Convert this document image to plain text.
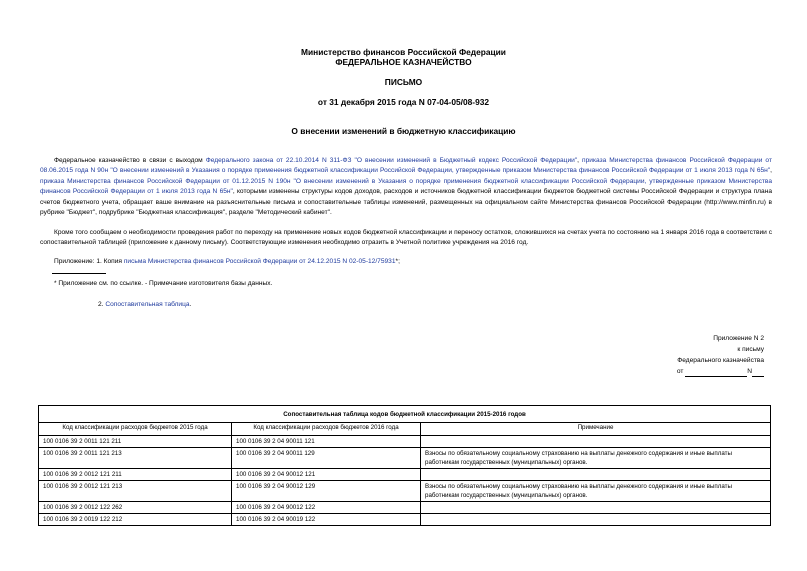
Министерство финансов Российской Федерации
ФЕДЕРАЛЬНОЕ КАЗНАЧЕЙСТВО
ПИСЬМО
от 31 декабря 2015 года N 07-04-05/08-932
О внесении изменений в бюджетную классификацию
Федеральное казначейство в связи с выходом Федерального закона от 22.10.2014 N 311-ФЗ "О внесении изменений в Бюджетный кодекс Российской Федерации", приказа Министерства финансов Российской Федерации от 08.06.2015 года N 90н "О внесении изменений в Указания о порядке применения бюджетной классификации Российской Федерации, утвержденные приказом Министерства финансов Российской Федерации от 1 июля 2013 года N 65н", приказа Министерства финансов Российской Федерации от 01.12.2015 N 190н "О внесении изменений в Указания о порядке применения бюджетной классификации Российской Федерации, утвержденные приказом Министерства финансов Российской Федерации от 1 июля 2013 года N 65н", которыми изменены структуры кодов доходов, расходов и источников бюджетной классификации бюджетов бюджетной системы Российской Федерации и структура плана счетов бюджетного учета, обращает ваше внимание на разъяснительные письма и сопоставительные таблицы изменений, размещенных на официальном сайте Министерства финансов Российской Федерации (http://www.minfin.ru) в рубрике "Бюджет", подрубрике "Бюджетная классификация", разделе "Методический кабинет".
Кроме того сообщаем о необходимости проведения работ по переходу на применение новых кодов бюджетной классификации и переносу остатков, сложившихся на счетах учета по состоянию на 1 января 2016 года в соответствии с сопоставительной таблицей (приложение к данному письму). Соответствующие изменения необходимо отразить в Учетной политике учреждения на 2016 год.
Приложение: 1. Копия письма Министерства финансов Российской Федерации от 24.12.2015 N 02-05-12/75931*;
* Приложение см. по ссылке. - Примечание изготовителя базы данных.
2. Сопоставительная таблица.
Приложение N 2
к письму
Федерального казначейства
от	N
Сопоставительная таблица кодов бюджетной классификации 2015-2016 годов		
Код классификации расходов бюджетов 2015 года	Код классификации расходов бюджетов 2016 года	Примечание
100 0106 39 2 0011 121 211	100 0106 39 2 04 90011 121	
100 0106 39 2 0011 121 213	100 0106 39 2 04 90011 129	Взносы по обязательному социальному страхованию на выплаты денежного содержания и иные выплаты работникам государственных (муниципальных) органов.
100 0106 39 2 0012 121 211	100 0106 39 2 04 90012 121	
100 0106 39 2 0012 121 213	100 0106 39 2 04 90012 129	Взносы по обязательному социальному страхованию на выплаты денежного содержания и иные выплаты работникам государственных (муниципальных) органов.
100 0106 39 2 0012 122 262	100 0106 39 2 04 90012 122	
100 0106 39 2 0019 122 212	100 0106 39 2 04 90019 122	
